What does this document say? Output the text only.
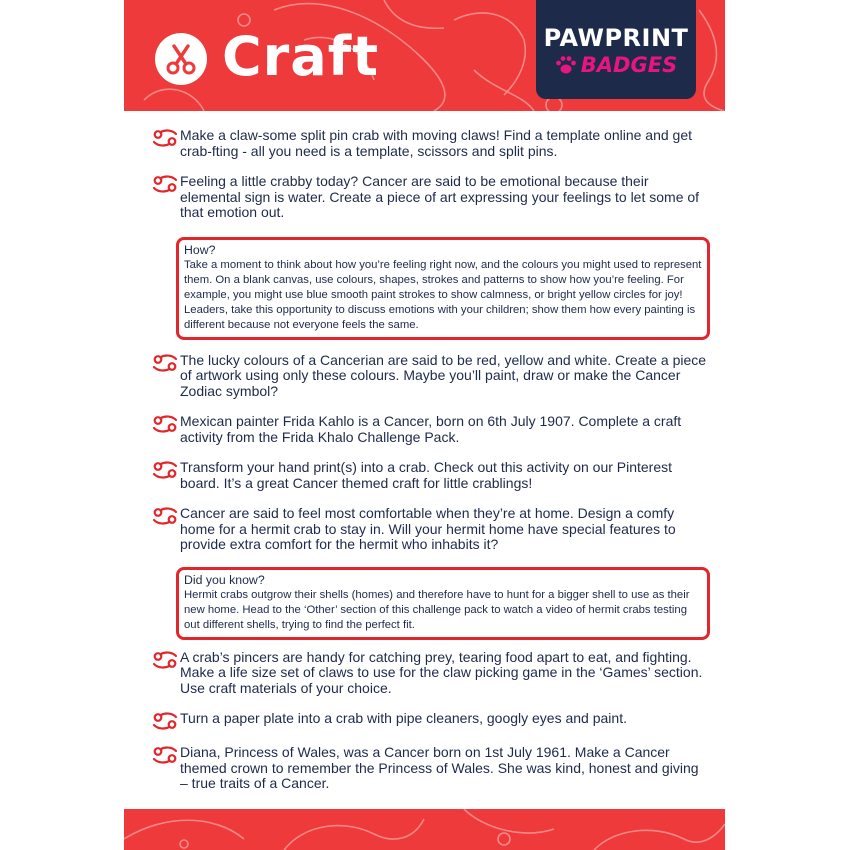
Craft	PAWPRINT
BADGES
Make a claw-some split pin crab with moving claws! Find a template online and get crab-fting - all you need is a template, scissors and split pins.
Feeling a little crabby today? Cancer are said to be emotional because their elemental sign is water. Create a piece of art expressing your feelings to let some of that emotion out.
How?
Take a moment to think about how you’re feeling right now, and the colours you might used to represent them. On a blank canvas, use colours, shapes, strokes and patterns to show how you’re feeling. For example, you might use blue smooth paint strokes to show calmness, or bright yellow circles for joy! Leaders, take this opportunity to discuss emotions with your children; show them how every painting is different because not everyone feels the same.
The lucky colours of a Cancerian are said to be red, yellow and white. Create a piece of artwork using only these colours. Maybe you’ll paint, draw or make the Cancer Zodiac symbol?
Mexican painter Frida Kahlo is a Cancer, born on 6th July 1907. Complete a craft activity from the Frida Khalo Challenge Pack.
Transform your hand print(s) into a crab. Check out this activity on our Pinterest board. It’s a great Cancer themed craft for little crablings!
Cancer are said to feel most comfortable when they’re at home. Design a comfy home for a hermit crab to stay in. Will your hermit home have special features to provide extra comfort for the hermit who inhabits it?
Did you know?
Hermit crabs outgrow their shells (homes) and therefore have to hunt for a bigger shell to use as their new home. Head to the ‘Other’ section of this challenge pack to watch a video of hermit crabs testing out different shells, trying to find the perfect fit.
A crab’s pincers are handy for catching prey, tearing food apart to eat, and fighting. Make a life size set of claws to use for the claw picking game in the ‘Games’ section. Use craft materials of your choice.
Turn a paper plate into a crab with pipe cleaners, googly eyes and paint.
Diana, Princess of Wales, was a Cancer born on 1st July 1961. Make a Cancer themed crown to remember the Princess of Wales. She was kind, honest and giving – true traits of a Cancer.
